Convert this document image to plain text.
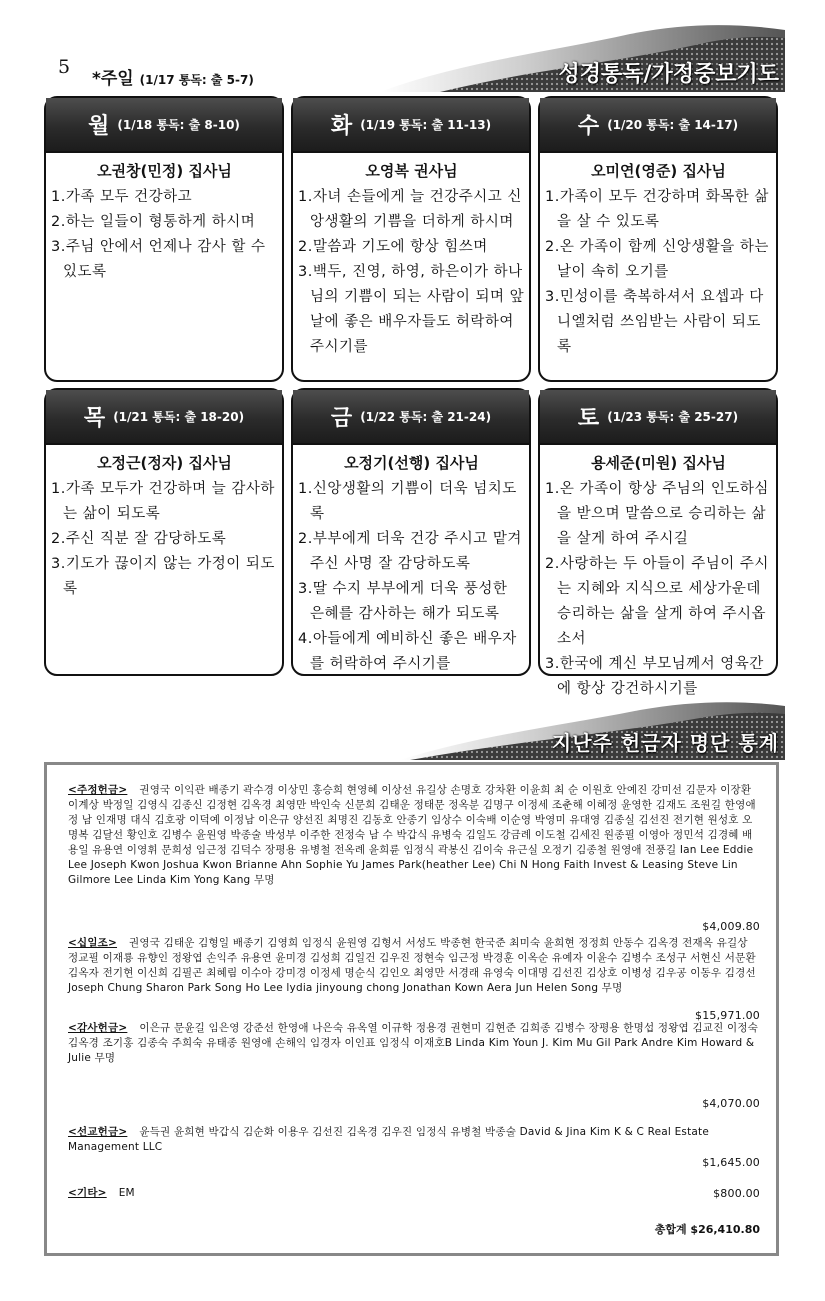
5
*주일 (1/17 통독: 출 5-7)	성경통독/가정중보기도
월 (1/18 통독: 출 8-10)
오권창(민정) 집사님
1.가족 모두 건강하고
2.하는 일들이 형통하게 하시며
3.주님 안에서 언제나 감사 할 수 있도록
화 (1/19 통독: 출 11-13)
오영복 권사님
1.자녀 손들에게 늘 건강주시고 신앙생활의 기쁨을 더하게 하시며
2.말씀과 기도에 항상 힘쓰며
3.백두, 진영, 하영, 하은이가 하나님의 기쁨이 되는 사람이 되며 앞날에 좋은 배우자들도 허락하여 주시기를
수 (1/20 통독: 출 14-17)
오미연(영준) 집사님
1.가족이 모두 건강하며 화목한 삶을 살 수 있도록
2.온 가족이 함께 신앙생활을 하는 날이 속히 오기를
3.민성이를 축복하셔서 요셉과 다니엘처럼 쓰임받는 사람이 되도록
목 (1/21 통독: 출 18-20)
오정근(정자) 집사님
1.가족 모두가 건강하며 늘 감사하는 삶이 되도록
2.주신 직분 잘 감당하도록
3.기도가 끊이지 않는 가정이 되도록
금 (1/22 통독: 출 21-24)
오정기(선행) 집사님
1.신앙생활의 기쁨이 더욱 넘치도록
2.부부에게 더욱 건강 주시고 맡겨주신 사명 잘 감당하도록
3.딸 수지 부부에게 더욱 풍성한 은혜를 감사하는 해가 되도록
4.아들에게 예비하신 좋은 배우자를 허락하여 주시기를
토 (1/23 통독: 출 25-27)
용세준(미원) 집사님
1.온 가족이 항상 주님의 인도하심을 받으며 말씀으로 승리하는 삶을 살게 하여 주시길
2.사랑하는 두 아들이 주님이 주시는 지혜와 지식으로 세상가운데 승리하는 삶을 살게 하여 주시옵소서
3.한국에 계신 부모님께서 영육간에 항상 강건하시기를
지난주 헌금자 명단 통계
<주정헌금> 권영국 이익관 배종기 곽수경 이상민 홍승희 현영혜 이상선 유길상 손명호 강차환 이윤희 최 순 이원호 안예진 강미선 김문자 이장환 이계상 박정일 김영식 김종신 김정현 김옥경 최영만 박인숙 신문희 김태운 정태문 정옥분 김명구 이정세 조춘해 이혜정 윤영한 김재도 조원길 한영애 정 남 인재명 대식 김호광 이덕예 이정남 이은규 양선진 최명진 김동호 안종기 임상수 이숙배 이순영 박영미 유대영 김종실 김선진 전기현 원성호 오명복 김달선 황인호 김병수 윤원영 박종술 박성부 이주한 전정숙 남 수 박갑식 유병숙 김일도 강금례 이도철 김세진 원종필 이영아 정민석 김경혜 배용일 유용연 이영휘 문희성 임근정 김덕수 장평용 유병철 전옥례 윤희륜 임정식 곽봉신 김이숙 유근실 오정기 김종철 원영애 전풍길 Ian Lee Eddie Lee Joseph Kwon Joshua Kwon Brianne Ahn Sophie Yu James Park(heather Lee) Chi N Hong Faith Invest & Leasing Steve Lin Gilmore Lee Linda Kim Yong Kang 무명
$4,009.80
<십일조> 권영국 김태운 김형일 배종기 김영희 임정식 윤원영 김형서 서성도 박종현 한국준 최미숙 윤희현 정정희 안동수 김옥경 전재옥 유길상 정교필 이재룡 유향인 정왕엽 손익주 유용연 윤미경 김성희 김일건 김우진 정현숙 임근정 박경훈 이옥순 유예자 이윤수 김병수 조성구 서현신 서문환 김옥자 전기현 이신희 김필곤 최혜림 이수아 강미경 이정세 명순식 김인오 최영만 서경래 유영숙 이대명 김선진 김상호 이병성 김우공 이동우 김경선 Joseph Chung Sharon Park Song Ho Lee lydia jinyoung chong Jonathan Kown Aera Jun Helen Song 무명
$15,971.00
<감사헌금> 이은규 문윤길 임은영 강준선 한영애 나은숙 유옥열 이규학 정용경 권현미 김현준 김희종 김병수 장평용 한명섭 정왕엽 김교진 이정숙 김옥경 조기홍 김종숙 주희숙 유태종 원영애 손해익 임경자 이인표 임정식 이재호B Linda Kim Youn J. Kim Mu Gil Park Andre Kim Howard & Julie 무명
$4,070.00
<선교헌금> 윤득권 윤희현 박갑식 김순화 이용우 김선진 김옥경 김우진 임정식 유병철 박종술 David & Jina Kim K & C Real Estate Management LLC
$1,645.00
<기타> EM	$800.00
총합계 $26,410.80
